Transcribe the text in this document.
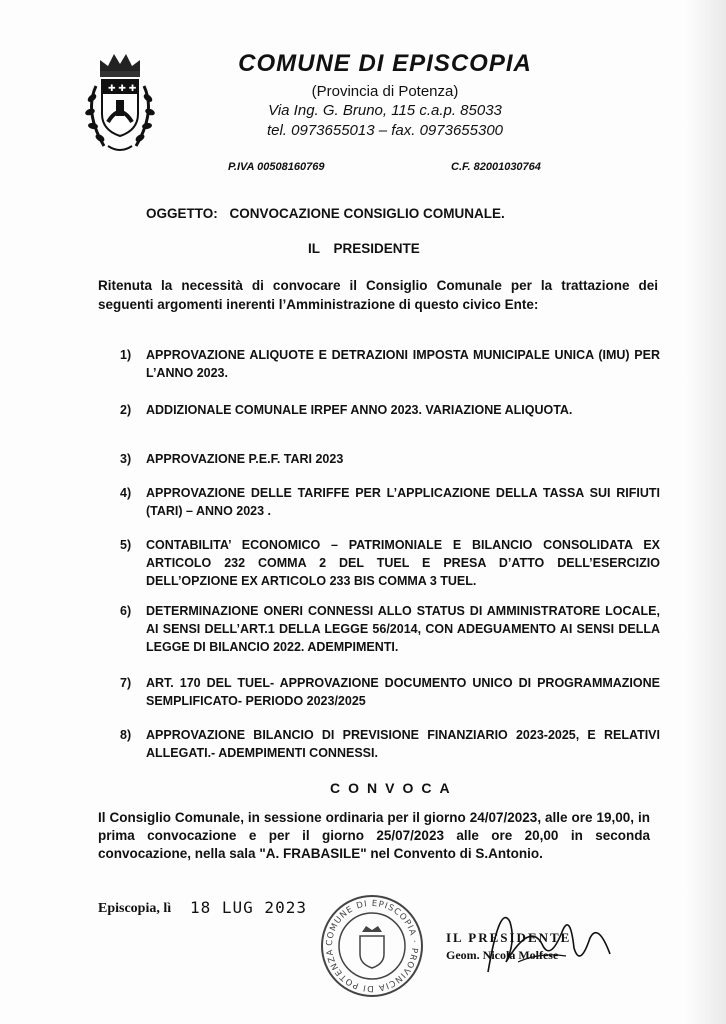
✚ ✚ ✚
COMUNE DI EPISCOPIA
(Provincia di Potenza)
Via Ing. G. Bruno, 115 c.a.p. 85033
tel. 0973655013 – fax. 0973655300
P.IVA 00508160769	C.F. 82001030764
OGGETTO: CONVOCAZIONE CONSIGLIO COMUNALE.
IL PRESIDENTE
Ritenuta la necessità di convocare il Consiglio Comunale per la trattazione dei seguenti argomenti inerenti l’Amministrazione di questo civico Ente:
1)	APPROVAZIONE ALIQUOTE E DETRAZIONI IMPOSTA MUNICIPALE UNICA (IMU) PER L’ANNO 2023.
2)	ADDIZIONALE COMUNALE IRPEF ANNO 2023. VARIAZIONE ALIQUOTA.
3)	APPROVAZIONE P.E.F. TARI 2023
4)	APPROVAZIONE DELLE TARIFFE PER L’APPLICAZIONE DELLA TASSA SUI RIFIUTI (TARI) – ANNO 2023 .
5)	CONTABILITA’ ECONOMICO – PATRIMONIALE E BILANCIO CONSOLIDATA EX ARTICOLO 232 COMMA 2 DEL TUEL E PRESA D’ATTO DELL’ESERCIZIO DELL’OPZIONE EX ARTICOLO 233 BIS COMMA 3 TUEL.
6)	DETERMINAZIONE ONERI CONNESSI ALLO STATUS DI AMMINISTRATORE LOCALE, AI SENSI DELL’ART.1 DELLA LEGGE 56/2014, CON ADEGUAMENTO AI SENSI DELLA LEGGE DI BILANCIO 2022. ADEMPIMENTI.
7)	ART. 170 DEL TUEL- APPROVAZIONE DOCUMENTO UNICO DI PROGRAMMAZIONE SEMPLIFICATO- PERIODO 2023/2025
8)	APPROVAZIONE BILANCIO DI PREVISIONE FINANZIARIO 2023-2025, E RELATIVI ALLEGATI.- ADEMPIMENTI CONNESSI.
CONVOCA
Il Consiglio Comunale, in sessione ordinaria per il giorno 24/07/2023, alle ore 19,00, in prima convocazione e per il giorno 25/07/2023 alle ore 20,00 in seconda convocazione, nella sala "A. FRABASILE" nel Convento di S.Antonio.
Episcopia, lì 18 LUG 2023
COMUNE DI EPISCOPIA · PROVINCIA DI POTENZA
IL PRESIDENTE
Geom. Nicola Molfese
